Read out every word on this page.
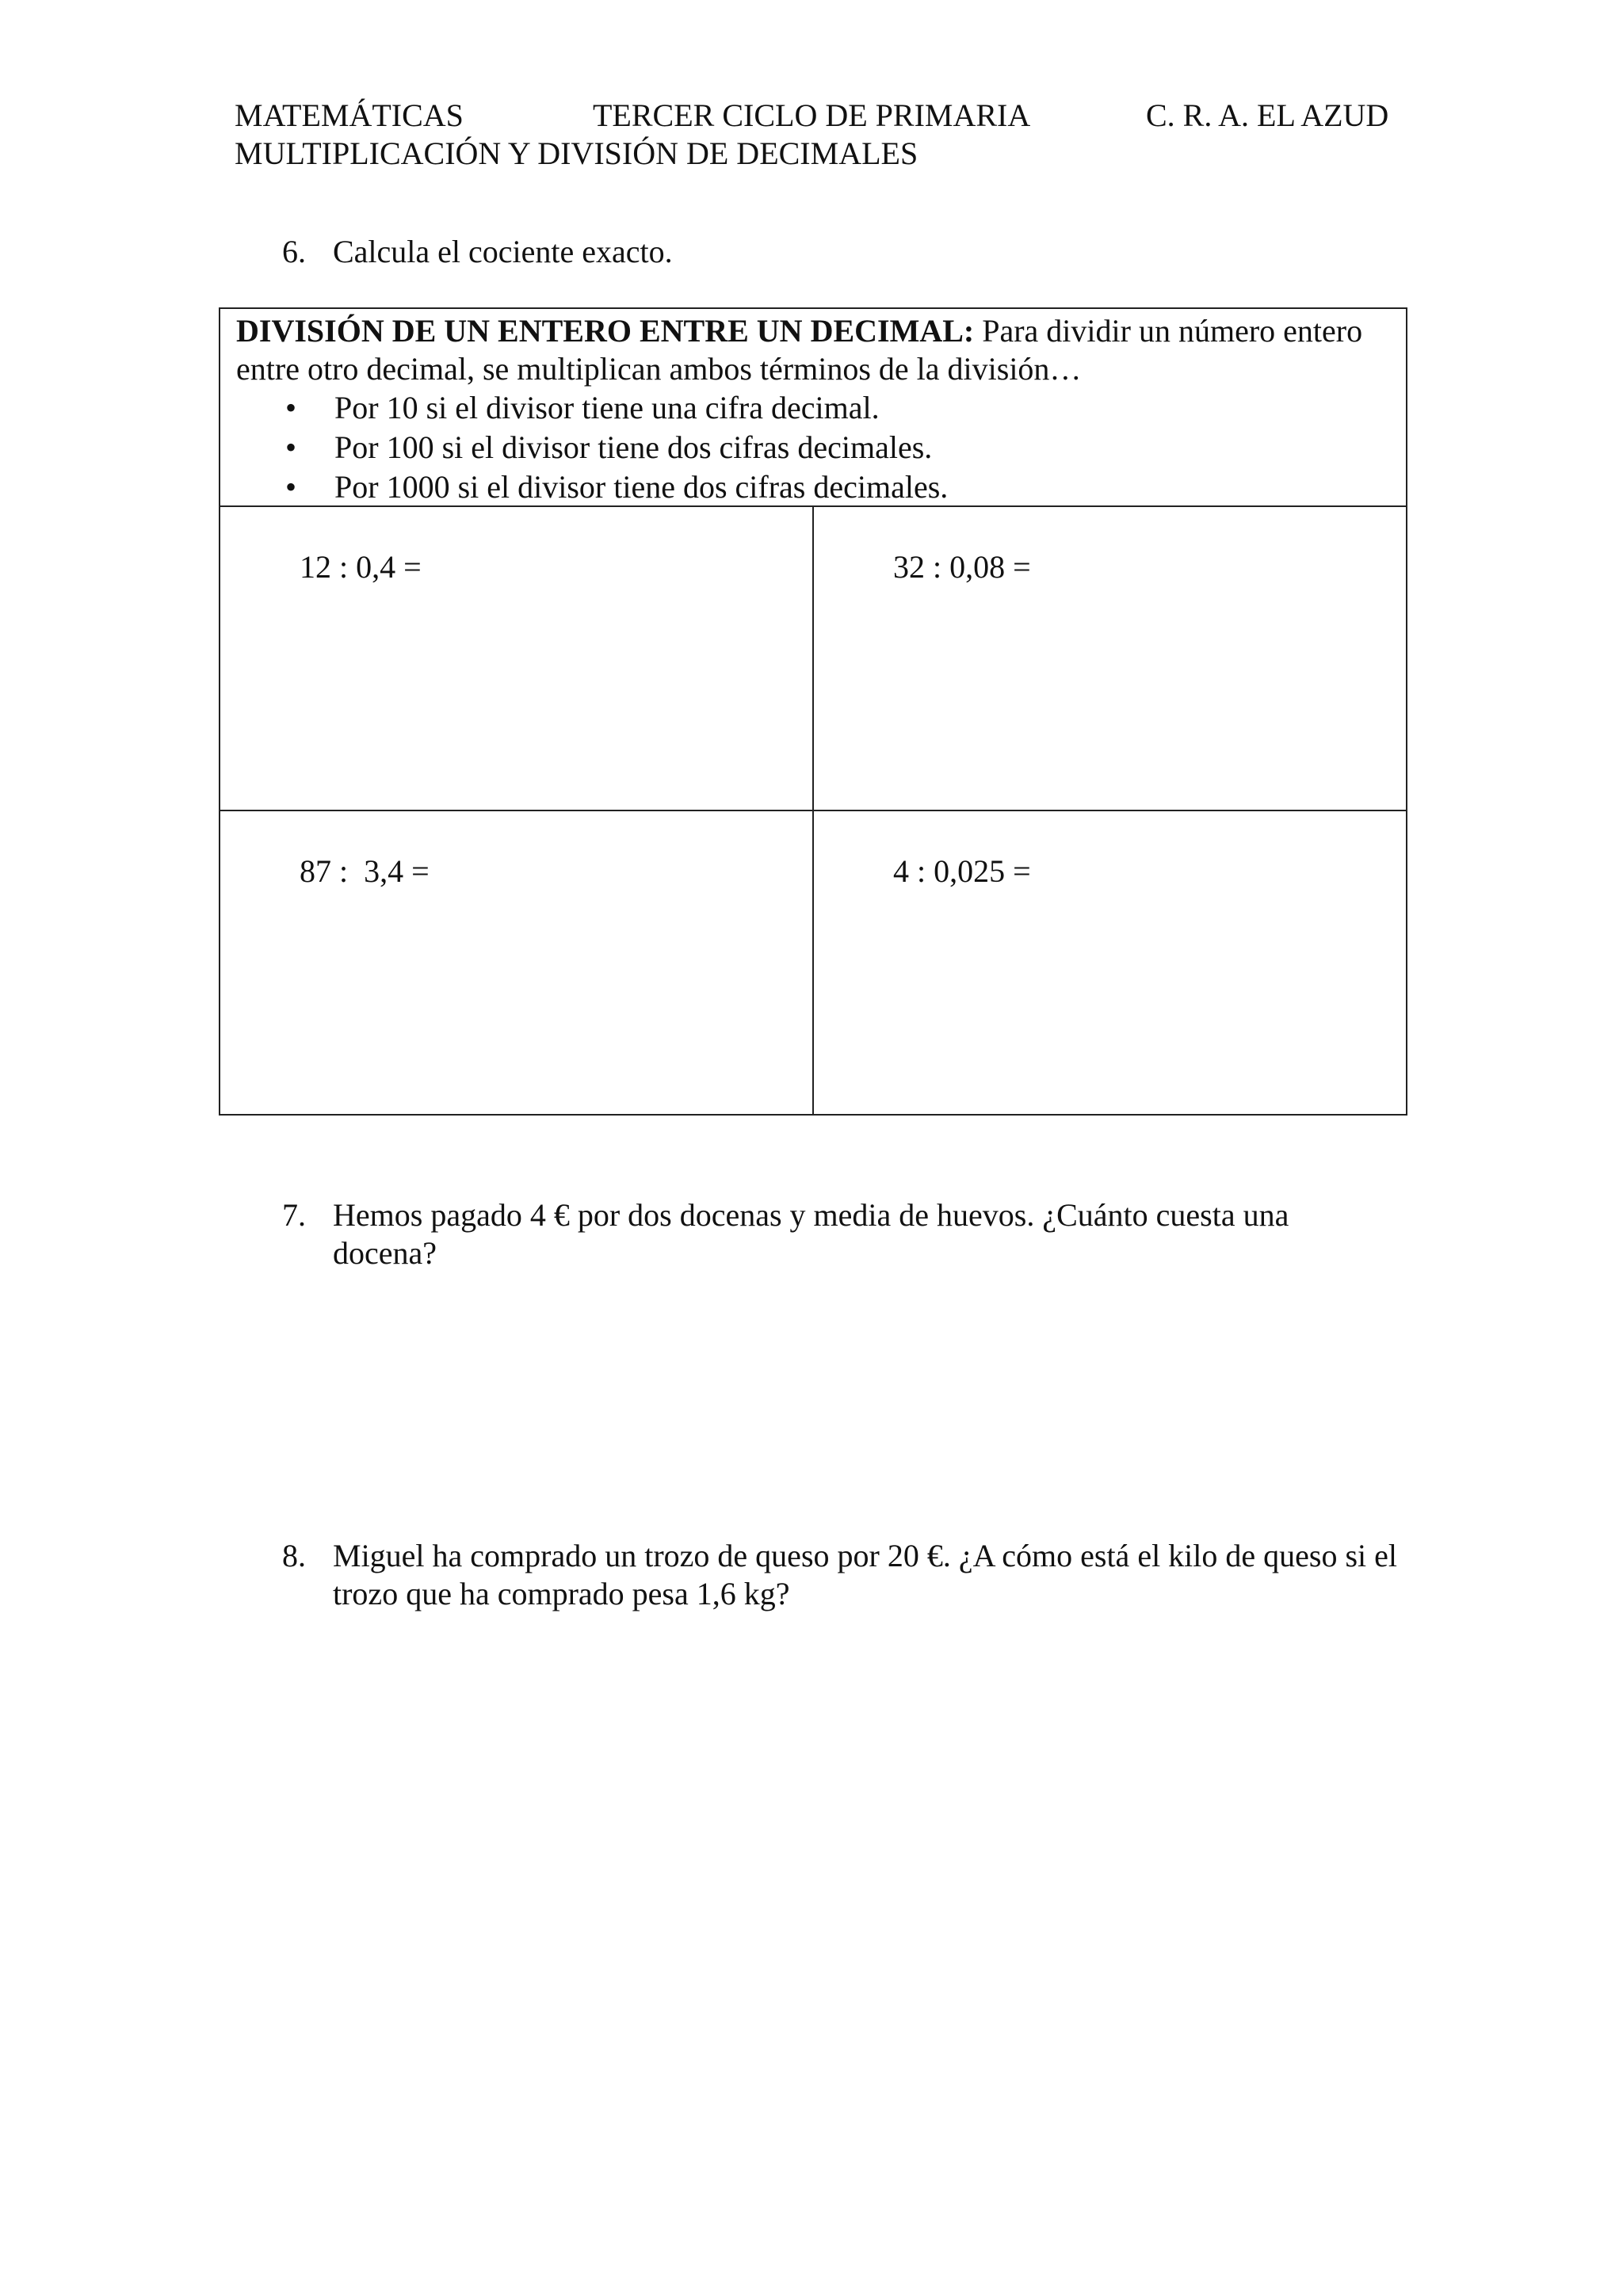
MATEMÁTICAS	TERCER CICLO DE PRIMARIA	C. R. A. EL AZUD
MULTIPLICACIÓN Y DIVISIÓN DE DECIMALES
6. Calcula el cociente exacto.
DIVISIÓN DE UN ENTERO ENTRE UN DECIMAL: Para dividir un número entero entre otro decimal, se multiplican ambos términos de la división…
• Por 10 si el divisor tiene una cifra decimal.
• Por 100 si el divisor tiene dos cifras decimales.
• Por 1000 si el divisor tiene dos cifras decimales.

12 : 0,4 =
	32 : 0,08 =

87 :  3,4 =
	4 : 0,025 =

7. Hemos pagado 4 € por dos docenas y media de huevos. ¿Cuánto cuesta una docena?
8. Miguel ha comprado un trozo de queso por 20 €. ¿A cómo está el kilo de queso si el trozo que ha comprado pesa 1,6 kg?
